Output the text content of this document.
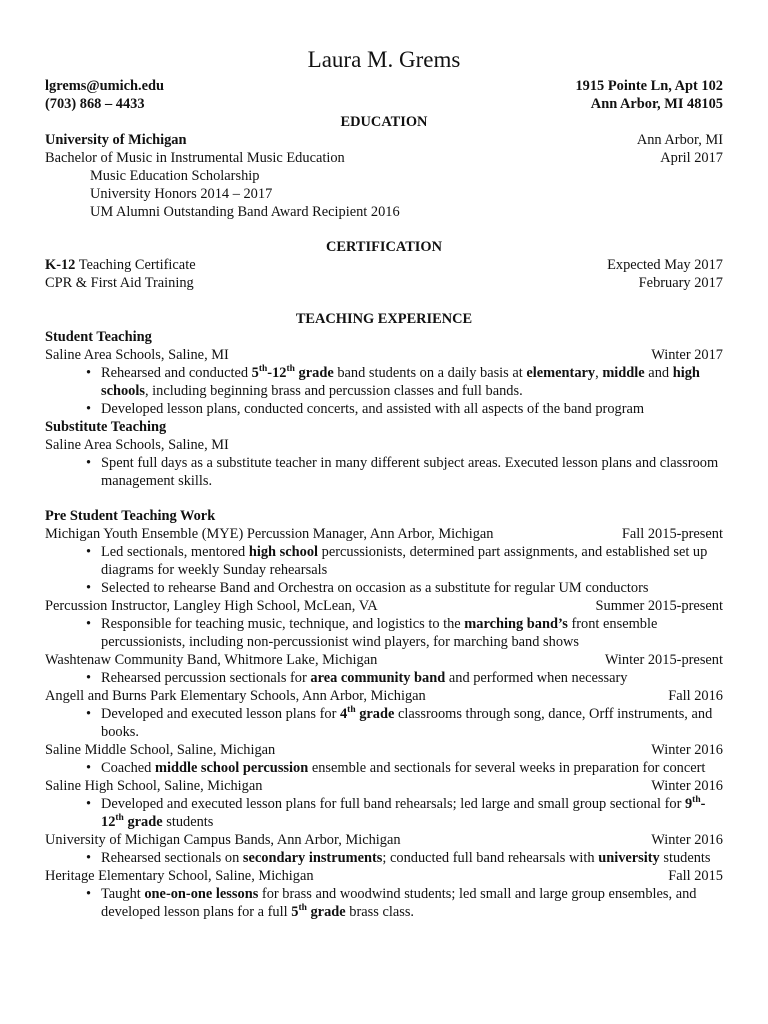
Laura M. Grems
lgrems@umich.edu	1915 Pointe Ln, Apt 102
(703) 868 – 4433	Ann Arbor, MI 48105
EDUCATION
University of Michigan	Ann Arbor, MI
Bachelor of Music in Instrumental Music Education	April 2017
Music Education Scholarship
University Honors 2014 – 2017
UM Alumni Outstanding Band Award Recipient 2016
CERTIFICATION
K-12 Teaching Certificate	Expected May 2017
CPR & First Aid Training	February 2017
TEACHING EXPERIENCE
Student Teaching
Saline Area Schools, Saline, MI	Winter 2017
• Rehearsed and conducted 5th-12th grade band students on a daily basis at elementary, middle and high schools, including beginning brass and percussion classes and full bands.
• Developed lesson plans, conducted concerts, and assisted with all aspects of the band program
Substitute Teaching
Saline Area Schools, Saline, MI
• Spent full days as a substitute teacher in many different subject areas. Executed lesson plans and classroom management skills.
Pre Student Teaching Work
Michigan Youth Ensemble (MYE) Percussion Manager, Ann Arbor, Michigan	Fall 2015-present
• Led sectionals, mentored high school percussionists, determined part assignments, and established set up diagrams for weekly Sunday rehearsals
• Selected to rehearse Band and Orchestra on occasion as a substitute for regular UM conductors
Percussion Instructor, Langley High School, McLean, VA	Summer 2015-present
• Responsible for teaching music, technique, and logistics to the marching band’s front ensemble percussionists, including non-percussionist wind players, for marching band shows
Washtenaw Community Band, Whitmore Lake, Michigan	Winter 2015-present
• Rehearsed percussion sectionals for area community band and performed when necessary
Angell and Burns Park Elementary Schools, Ann Arbor, Michigan	Fall 2016
• Developed and executed lesson plans for 4th grade classrooms through song, dance, Orff instruments, and books.
Saline Middle School, Saline, Michigan	Winter 2016
• Coached middle school percussion ensemble and sectionals for several weeks in preparation for concert
Saline High School, Saline, Michigan	Winter 2016
• Developed and executed lesson plans for full band rehearsals; led large and small group sectional for 9th-12th grade students
University of Michigan Campus Bands, Ann Arbor, Michigan	Winter 2016
• Rehearsed sectionals on secondary instruments; conducted full band rehearsals with university students
Heritage Elementary School, Saline, Michigan	Fall 2015
• Taught one-on-one lessons for brass and woodwind students; led small and large group ensembles, and developed lesson plans for a full 5th grade brass class.
